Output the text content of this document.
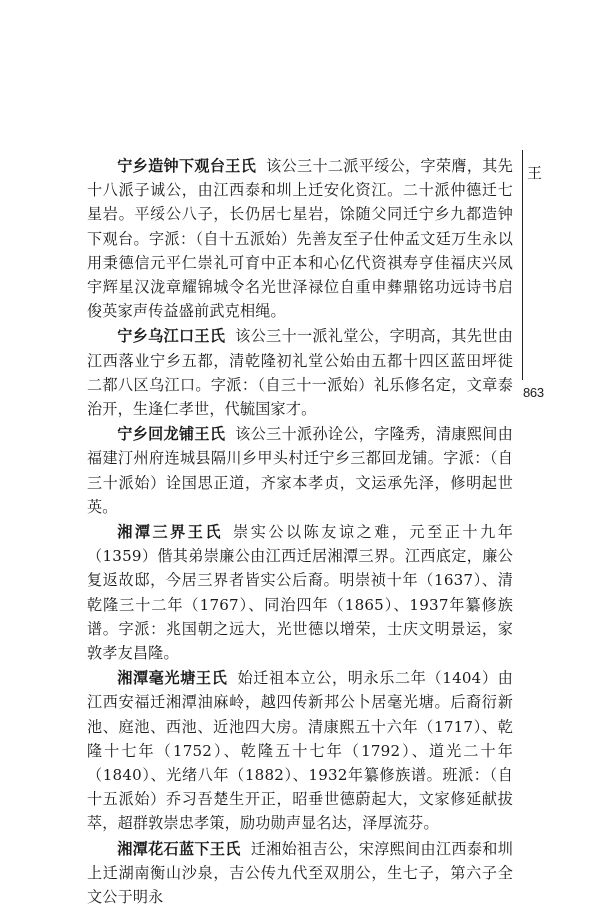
王
863

宁乡造钟下观台王氏 该公三十二派平绥公，字荣膺，其先十八派子诚公，由江西泰和圳上迁安化资江。二十派仲德迁七星岩。平绥公八子，长仍居七星岩，馀随父同迁宁乡九都造钟下观台。字派：（自十五派始）先善友至子仕仲孟文廷万生永以用秉德信元平仁崇礼可育中正本和心亿代资祺寿亨佳福庆兴凤宇辉星汉泷章耀锦城令名光世泽禄位自重申彝鼎铭功远诗书启俊英家声传益盛前武克相绳。

宁乡乌江口王氏 该公三十一派礼堂公，字明高，其先世由江西落业宁乡五都，清乾隆初礼堂公始由五都十四区蓝田坪徙二都八区乌江口。字派：（自三十一派始）礼乐修名定，文章泰治开，生逢仁孝世，代毓国家才。

宁乡回龙铺王氏 该公三十派孙诠公，字隆秀，清康熙间由福建汀州府连城县隔川乡甲头村迁宁乡三都回龙铺。字派：（自三十派始）诠国思正道，齐家本孝贞，文运承先泽，修明起世英。

湘潭三界王氏 崇实公以陈友谅之难，元至正十九年（1359）偕其弟崇廉公由江西迁居湘潭三界。江西底定，廉公复返故邸，今居三界者皆实公后裔。明崇祯十年（1637）、清乾隆三十二年（1767）、同治四年（1865）、1937年纂修族谱。字派：兆国朝之远大，光世德以增荣，士庆文明景运，家敦孝友昌隆。

湘潭毫光塘王氏 始迁祖本立公，明永乐二年（1404）由江西安福迁湘潭油麻岭，越四传新邦公卜居毫光塘。后裔衍新池、庭池、西池、近池四大房。清康熙五十六年（1717）、乾隆十七年（1752）、乾隆五十七年（1792）、道光二十年（1840）、光绪八年（1882）、1932年纂修族谱。班派：（自十五派始）乔习吾楚生开正，昭垂世德蔚起大，文家修延献拔萃，超群敦崇忠孝策，励功勋声显名达，泽厚流芬。

湘潭花石蓝下王氏 迁湘始祖吉公，宋淳熙间由江西泰和圳上迁湖南衡山沙泉，吉公传九代至双朋公，生七子，第六子全文公于明永
